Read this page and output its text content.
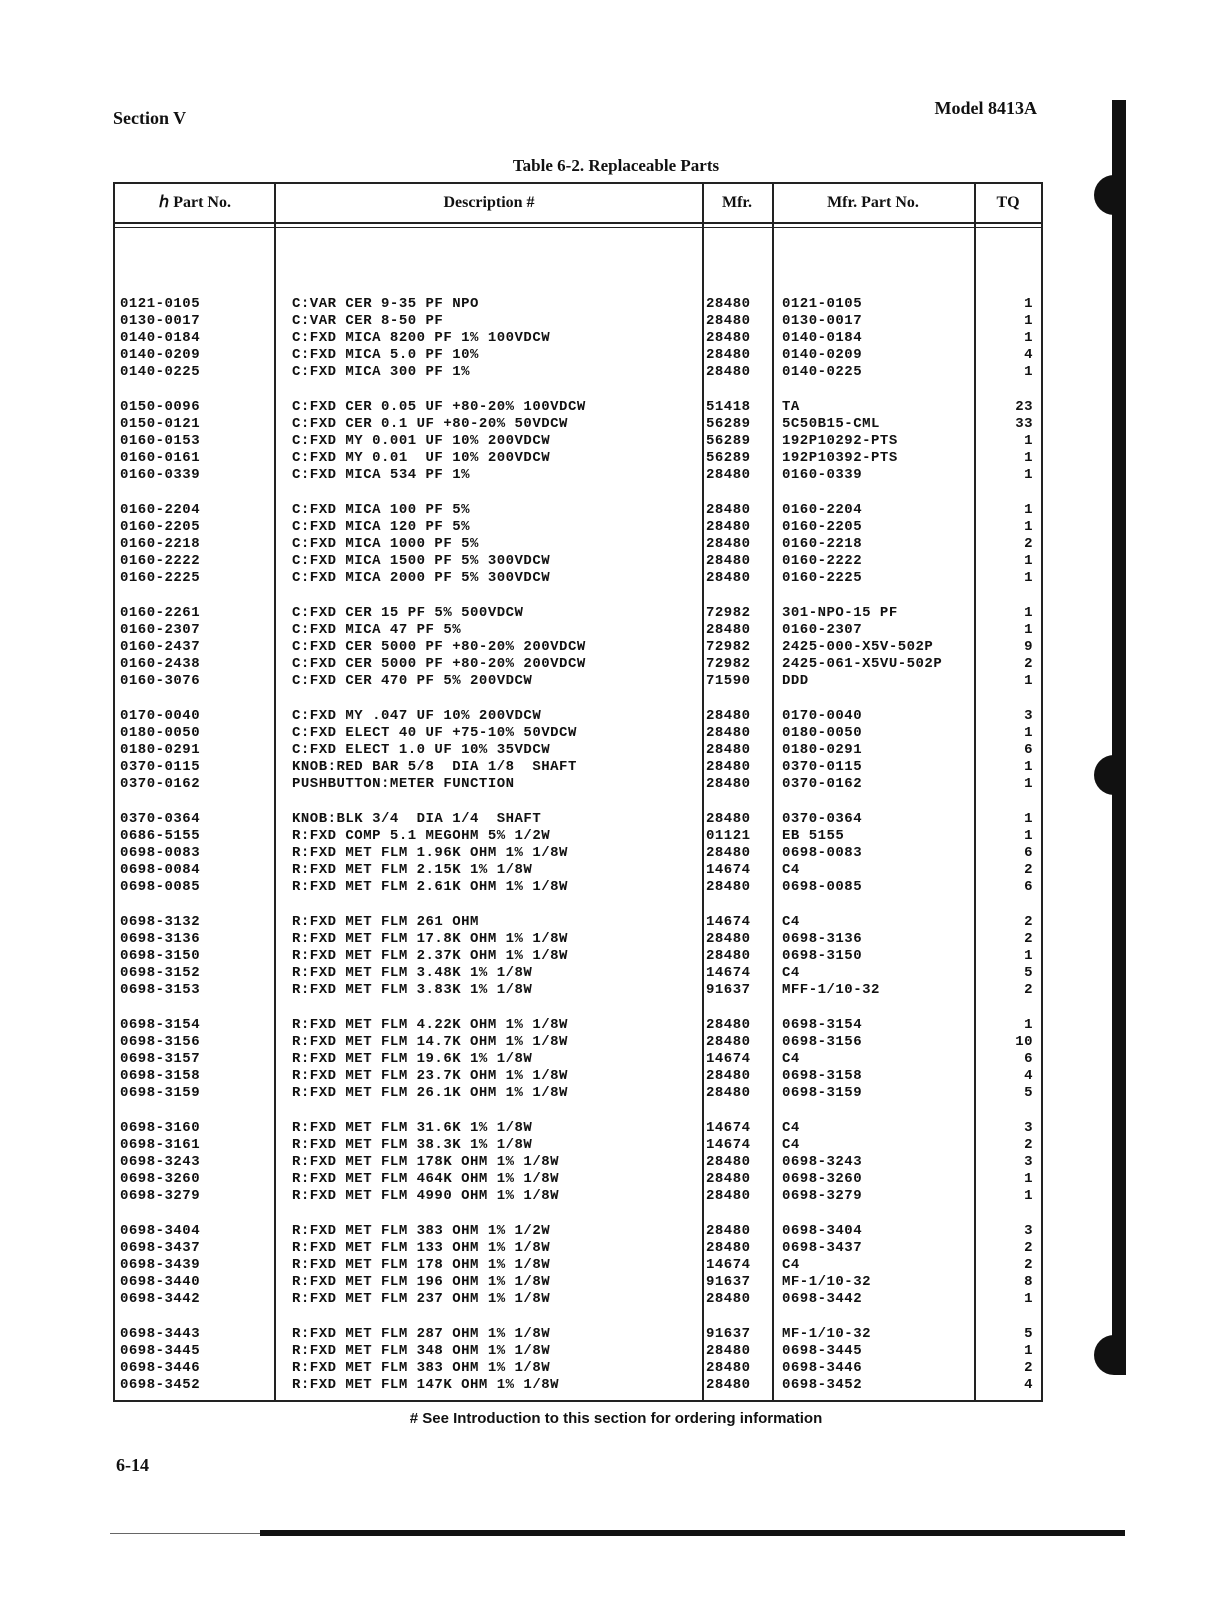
Section V	Model 8413A
Table 6-2. Replaceable Parts
ℎ Part No.	Description #	Mfr.	Mfr. Part No.	TQ
0121-0105	C:VAR CER 9-35 PF NPO	28480	0121-0105	1
0130-0017	C:VAR CER 8-50 PF	28480	0130-0017	1
0140-0184	C:FXD MICA 8200 PF 1% 100VDCW	28480	0140-0184	1
0140-0209	C:FXD MICA 5.0 PF 10%	28480	0140-0209	4
0140-0225	C:FXD MICA 300 PF 1%	28480	0140-0225	1
0150-0096	C:FXD CER 0.05 UF +80-20% 100VDCW	51418	TA	23
0150-0121	C:FXD CER 0.1 UF +80-20% 50VDCW	56289	5C50B15-CML	33
0160-0153	C:FXD MY 0.001 UF 10% 200VDCW	56289	192P10292-PTS	1
0160-0161	C:FXD MY 0.01  UF 10% 200VDCW	56289	192P10392-PTS	1
0160-0339	C:FXD MICA 534 PF 1%	28480	0160-0339	1
0160-2204	C:FXD MICA 100 PF 5%	28480	0160-2204	1
0160-2205	C:FXD MICA 120 PF 5%	28480	0160-2205	1
0160-2218	C:FXD MICA 1000 PF 5%	28480	0160-2218	2
0160-2222	C:FXD MICA 1500 PF 5% 300VDCW	28480	0160-2222	1
0160-2225	C:FXD MICA 2000 PF 5% 300VDCW	28480	0160-2225	1
0160-2261	C:FXD CER 15 PF 5% 500VDCW	72982	301-NPO-15 PF	1
0160-2307	C:FXD MICA 47 PF 5%	28480	0160-2307	1
0160-2437	C:FXD CER 5000 PF +80-20% 200VDCW	72982	2425-000-X5V-502P	9
0160-2438	C:FXD CER 5000 PF +80-20% 200VDCW	72982	2425-061-X5VU-502P	2
0160-3076	C:FXD CER 470 PF 5% 200VDCW	71590	DDD	1
0170-0040	C:FXD MY .047 UF 10% 200VDCW	28480	0170-0040	3
0180-0050	C:FXD ELECT 40 UF +75-10% 50VDCW	28480	0180-0050	1
0180-0291	C:FXD ELECT 1.0 UF 10% 35VDCW	28480	0180-0291	6
0370-0115	KNOB:RED BAR 5/8  DIA 1/8  SHAFT	28480	0370-0115	1
0370-0162	PUSHBUTTON:METER FUNCTION	28480	0370-0162	1
0370-0364	KNOB:BLK 3/4  DIA 1/4  SHAFT	28480	0370-0364	1
0686-5155	R:FXD COMP 5.1 MEGOHM 5% 1/2W	01121	EB 5155	1
0698-0083	R:FXD MET FLM 1.96K OHM 1% 1/8W	28480	0698-0083	6
0698-0084	R:FXD MET FLM 2.15K 1% 1/8W	14674	C4	2
0698-0085	R:FXD MET FLM 2.61K OHM 1% 1/8W	28480	0698-0085	6
0698-3132	R:FXD MET FLM 261 OHM	14674	C4	2
0698-3136	R:FXD MET FLM 17.8K OHM 1% 1/8W	28480	0698-3136	2
0698-3150	R:FXD MET FLM 2.37K OHM 1% 1/8W	28480	0698-3150	1
0698-3152	R:FXD MET FLM 3.48K 1% 1/8W	14674	C4	5
0698-3153	R:FXD MET FLM 3.83K 1% 1/8W	91637	MFF-1/10-32	2
0698-3154	R:FXD MET FLM 4.22K OHM 1% 1/8W	28480	0698-3154	1
0698-3156	R:FXD MET FLM 14.7K OHM 1% 1/8W	28480	0698-3156	10
0698-3157	R:FXD MET FLM 19.6K 1% 1/8W	14674	C4	6
0698-3158	R:FXD MET FLM 23.7K OHM 1% 1/8W	28480	0698-3158	4
0698-3159	R:FXD MET FLM 26.1K OHM 1% 1/8W	28480	0698-3159	5
0698-3160	R:FXD MET FLM 31.6K 1% 1/8W	14674	C4	3
0698-3161	R:FXD MET FLM 38.3K 1% 1/8W	14674	C4	2
0698-3243	R:FXD MET FLM 178K OHM 1% 1/8W	28480	0698-3243	3
0698-3260	R:FXD MET FLM 464K OHM 1% 1/8W	28480	0698-3260	1
0698-3279	R:FXD MET FLM 4990 OHM 1% 1/8W	28480	0698-3279	1
0698-3404	R:FXD MET FLM 383 OHM 1% 1/2W	28480	0698-3404	3
0698-3437	R:FXD MET FLM 133 OHM 1% 1/8W	28480	0698-3437	2
0698-3439	R:FXD MET FLM 178 OHM 1% 1/8W	14674	C4	2
0698-3440	R:FXD MET FLM 196 OHM 1% 1/8W	91637	MF-1/10-32	8
0698-3442	R:FXD MET FLM 237 OHM 1% 1/8W	28480	0698-3442	1
0698-3443	R:FXD MET FLM 287 OHM 1% 1/8W	91637	MF-1/10-32	5
0698-3445	R:FXD MET FLM 348 OHM 1% 1/8W	28480	0698-3445	1
0698-3446	R:FXD MET FLM 383 OHM 1% 1/8W	28480	0698-3446	2
0698-3452	R:FXD MET FLM 147K OHM 1% 1/8W	28480	0698-3452	4
# See Introduction to this section for ordering information
6-14
